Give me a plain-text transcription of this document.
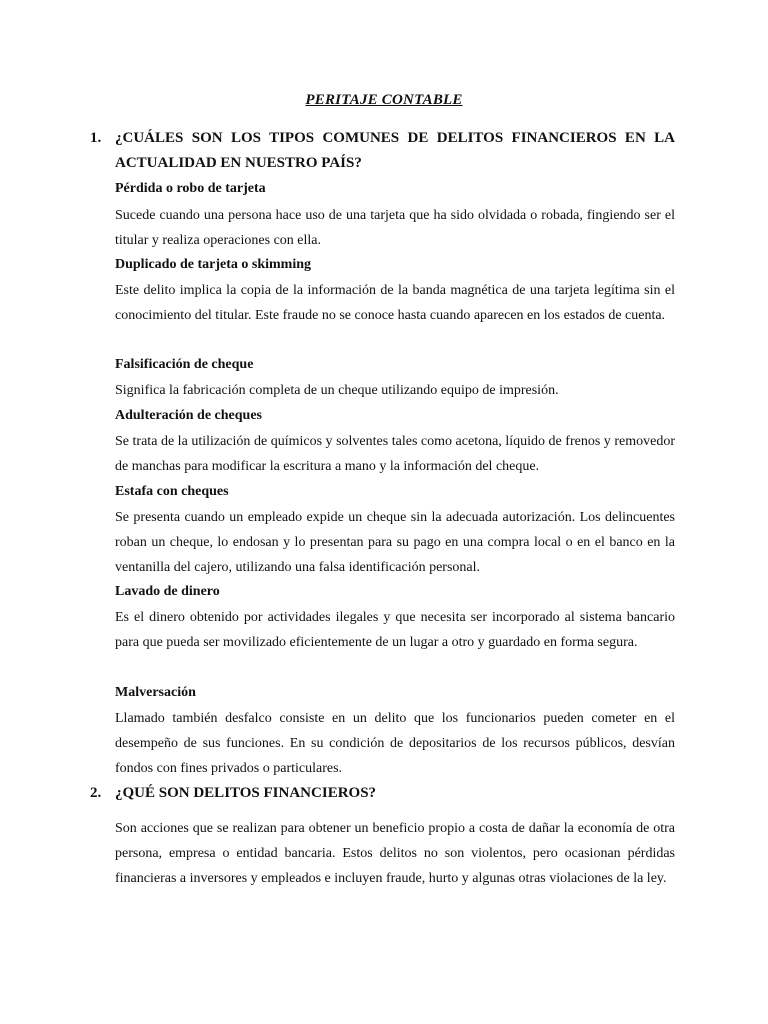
PERITAJE CONTABLE
1. ¿CUÁLES SON LOS TIPOS COMUNES DE DELITOS FINANCIEROS EN LA ACTUALIDAD EN NUESTRO PAÍS?
Pérdida o robo de tarjeta
Sucede cuando una persona hace uso de una tarjeta que ha sido olvidada o robada, fingiendo ser el titular y realiza operaciones con ella.
Duplicado de tarjeta o skimming
Este delito implica la copia de la información de la banda magnética de una tarjeta legítima sin el conocimiento del titular. Este fraude no se conoce hasta cuando aparecen en los estados de cuenta.
Falsificación de cheque
Significa la fabricación completa de un cheque utilizando equipo de impresión.
Adulteración de cheques
Se trata de la utilización de químicos y solventes tales como acetona, líquido de frenos y removedor de manchas para modificar la escritura a mano y la información del cheque.
Estafa con cheques
Se presenta cuando un empleado expide un cheque sin la adecuada autorización. Los delincuentes roban un cheque, lo endosan y lo presentan para su pago en una compra local o en el banco en la ventanilla del cajero, utilizando una falsa identificación personal.
Lavado de dinero
Es el dinero obtenido por actividades ilegales y que necesita ser incorporado al sistema bancario para que pueda ser movilizado eficientemente de un lugar a otro y guardado en forma segura.
Malversación
Llamado también desfalco consiste en un delito que los funcionarios pueden cometer en el desempeño de sus funciones. En su condición de depositarios de los recursos públicos, desvían fondos con fines privados o particulares.
2. ¿QUÉ SON DELITOS FINANCIEROS?
Son acciones que se realizan para obtener un beneficio propio a costa de dañar la economía de otra persona, empresa o entidad bancaria. Estos delitos no son violentos, pero ocasionan pérdidas financieras a inversores y empleados e incluyen fraude, hurto y algunas otras violaciones de la ley.
